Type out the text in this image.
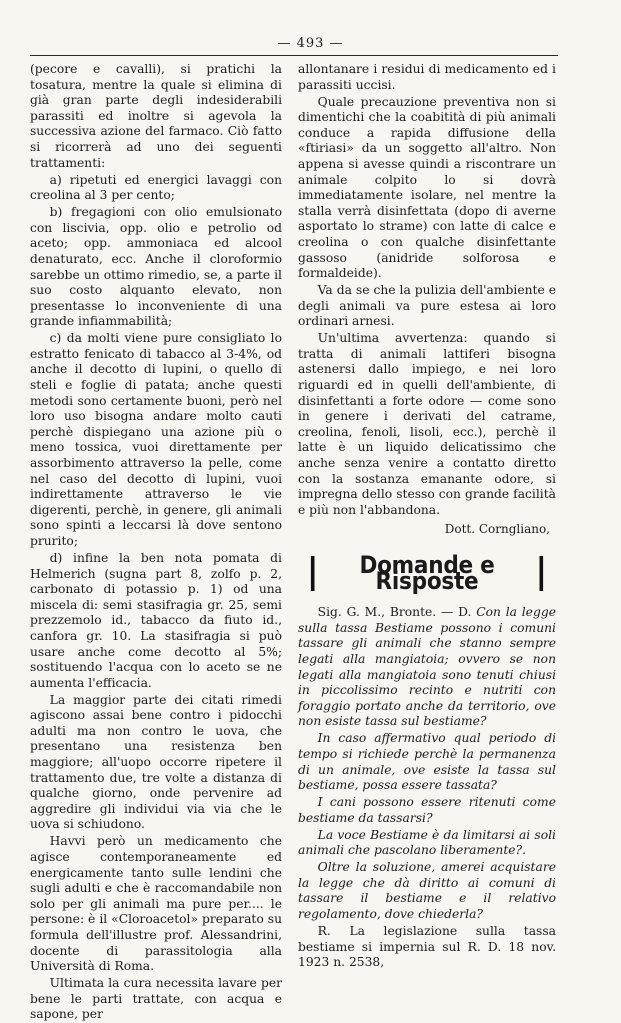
— 493 —

(pecore e cavalli), si pratichi la tosatura, mentre la quale si elimina di già gran parte degli indesiderabili parassiti ed inoltre si agevola la successiva azione del farmaco. Ciò fatto si ricorrerà ad uno dei seguenti trattamenti:

a) ripetuti ed energici lavaggi con creolina al 3 per cento;

b) fregagioni con olio emulsionato con liscivia, opp. olio e petrolio od aceto; opp. ammoniaca ed alcool denaturato, ecc. Anche il cloroformio sarebbe un ottimo rimedio, se, a parte il suo costo alquanto elevato, non presentasse lo inconveniente di una grande infiammabilità;

c) da molti viene pure consigliato lo estratto fenicato di tabacco al 3-4%, od anche il decotto di lupini, o quello di steli e foglie di patata; anche questi metodi sono certamente buoni, però nel loro uso bisogna andare molto cauti perchè dispiegano una azione più o meno tossica, vuoi direttamente per assorbimento attraverso la pelle, come nel caso del decotto di lupini, vuoi indirettamente attraverso le vie digerenti, perchè, in genere, gli animali sono spinti a leccarsi là dove sentono prurito;

d) infine la ben nota pomata di Helmerich (sugna part 8, zolfo p. 2, carbonato di potassio p. 1) od una miscela di: semi stasifragia gr. 25, semi prezzemolo id., tabacco da fiuto id., canfora gr. 10. La stasifragia si può usare anche come decotto al 5%; sostituendo l'acqua con lo aceto se ne aumenta l'efficacia.

La maggior parte dei citati rimedi agiscono assai bene contro i pidocchi adulti ma non contro le uova, che presentano una resistenza ben maggiore; all'uopo occorre ripetere il trattamento due, tre volte a distanza di qualche giorno, onde pervenire ad aggredire gli individui via via che le uova si schiudono.

Havvi però un medicamento che agisce contemporaneamente ed energicamente tanto sulle lendini che sugli adulti e che è raccomandabile non solo per gli animali ma pure per.... le persone: è il «Cloroacetol» preparato su formula dell'illustre prof. Alessandrini, docente di parassitologia alla Università di Roma.

Ultimata la cura necessita lavare per bene le parti trattate, con acqua e sapone, per

allontanare i residui di medicamento ed i parassiti uccisi.

Quale precauzione preventiva non si dimentichi che la coabitità di più animali conduce a rapida diffusione della «ftiriasi» da un soggetto all'altro. Non appena si avesse quindi a riscontrare un animale colpito lo si dovrà immediatamente isolare, nel mentre la stalla verrà disinfettata (dopo di averne asportato lo strame) con latte di calce e creolina o con qualche disinfettante gassoso (anidride solforosa e formaldeide).

Va da se che la pulizia dell'ambiente e degli animali va pure estesa ai loro ordinari arnesi.

Un'ultima avvertenza: quando si tratta di animali lattiferi bisogna astenersi dallo impiego, e nei loro riguardi ed in quelli dell'ambiente, di disinfettanti a forte odore — come sono in genere i derivati del catrame, creolina, fenoli, lisoli, ecc.), perchè il latte è un liquido delicatissimo che anche senza venire a contatto diretto con la sostanza emanante odore, si impregna dello stesso con grande facilità e più non l'abbandona.

Dott. Corngliano,
Domande e Risposte

Sig. G. M., Bronte. — D. Con la legge sulla tassa Bestiame possono i comuni tassare gli animali che stanno sempre legati alla mangiatoia; ovvero se non legati alla mangiatoia sono tenuti chiusi in piccolissimo recinto e nutriti con foraggio portato anche da territorio, ove non esiste tassa sul bestiame?

In caso affermativo qual periodo di tempo si richiede perchè la permanenza di un animale, ove esiste la tassa sul bestiame, possa essere tassata?

I cani possono essere ritenuti come bestiame da tassarsi?

La voce Bestiame è da limitarsi ai soli animali che pascolano liberamente?.

Oltre la soluzione, amerei acquistare la legge che dà diritto ai comuni di tassare il bestiame e il relativo regolamento, dove chiederla?

R. La legislazione sulla tassa bestiame si impernia sul R. D. 18 nov. 1923 n. 2538,
